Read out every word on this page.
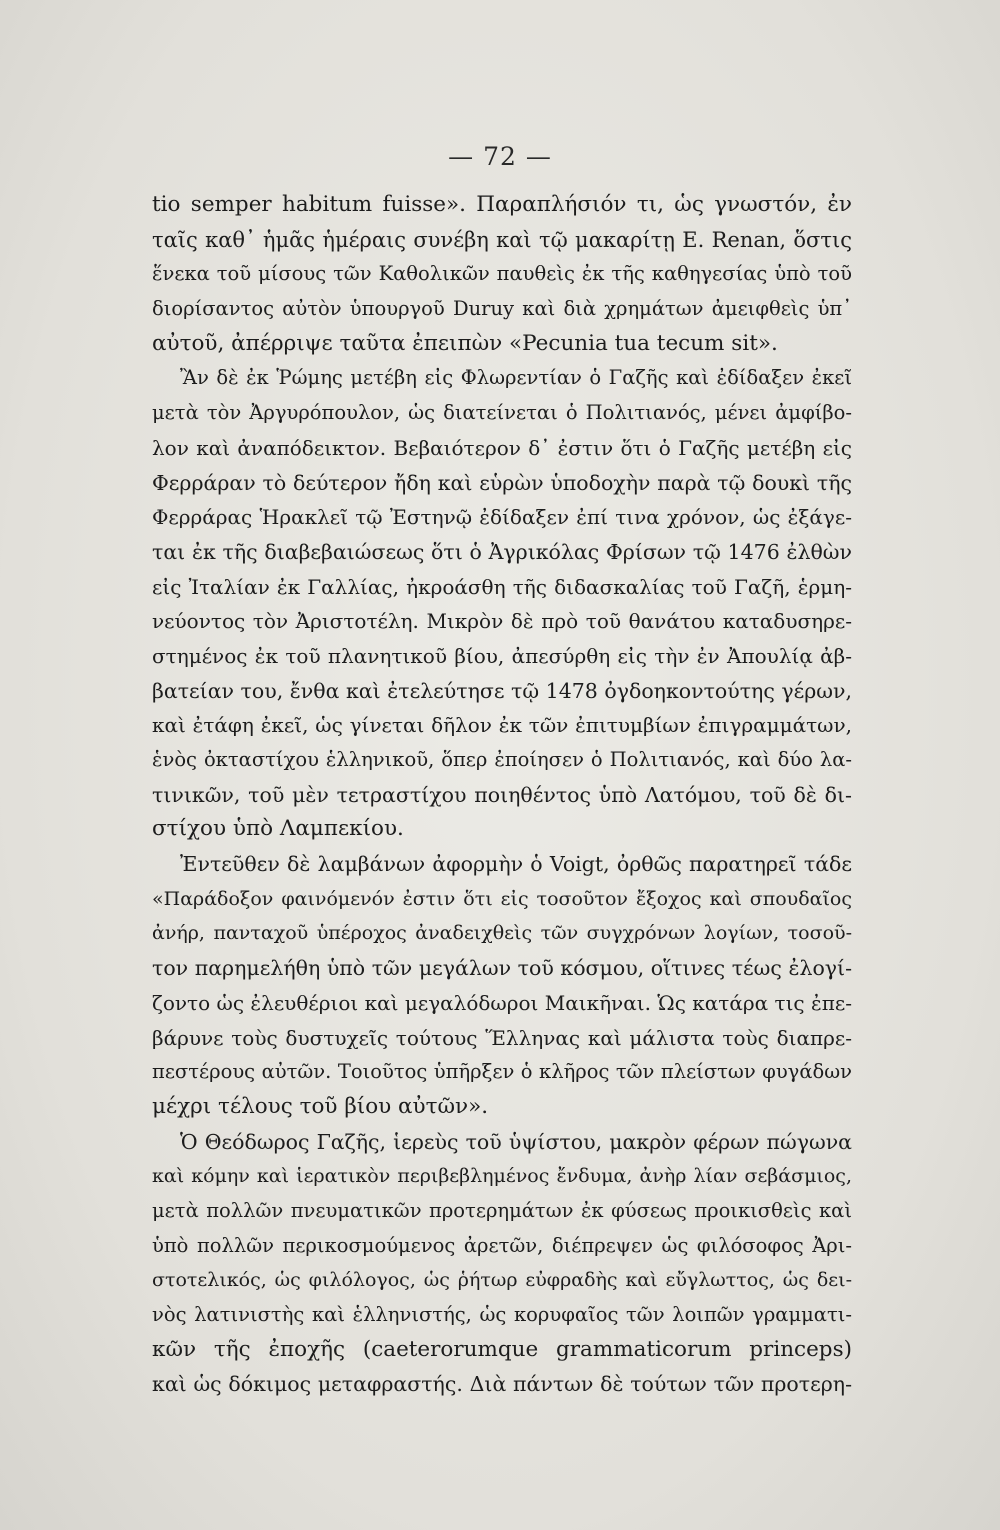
— 72 —
tio semper habitum fuisse». Παραπλήσιόν τι, ὡς γνωστόν, ἐν
ταῖς καθ᾽ ἡμᾶς ἡμέραις συνέβη καὶ τῷ μακαρίτῃ E. Renan, ὅστις
ἕνεκα τοῦ μίσους τῶν Καθολικῶν παυθεὶς ἐκ τῆς καθηγεσίας ὑπὸ τοῦ
διορίσαντος αὐτὸν ὑπουργοῦ Duruy καὶ διὰ χρημάτων ἀμειφθεὶς ὑπ᾽
αὐτοῦ, ἀπέρριψε ταῦτα ἐπειπὼν «Pecunia tua tecum sit».
Ἂν δὲ ἐκ Ῥώμης μετέβη εἰς Φλωρεντίαν ὁ Γαζῆς καὶ ἐδίδαξεν ἐκεῖ
μετὰ τὸν Ἀργυρόπουλον, ὡς διατείνεται ὁ Πολιτιανός, μένει ἀμφίβο-
λον καὶ ἀναπόδεικτον. Βεβαιότερον δ᾽ ἐστιν ὅτι ὁ Γαζῆς μετέβη εἰς
Φερράραν τὸ δεύτερον ἤδη καὶ εὑρὼν ὑποδοχὴν παρὰ τῷ δουκὶ τῆς
Φερράρας Ἡρακλεῖ τῷ Ἐστηνῷ ἐδίδαξεν ἐπί τινα χρόνον, ὡς ἐξάγε-
ται ἐκ τῆς διαβεβαιώσεως ὅτι ὁ Ἀγρικόλας Φρίσων τῷ 1476 ἐλθὼν
εἰς Ἰταλίαν ἐκ Γαλλίας, ἠκροάσθη τῆς διδασκαλίας τοῦ Γαζῆ, ἑρμη-
νεύοντος τὸν Ἀριστοτέλη. Μικρὸν δὲ πρὸ τοῦ θανάτου καταδυσηρε-
στημένος ἐκ τοῦ πλανητικοῦ βίου, ἀπεσύρθη εἰς τὴν ἐν Ἀπουλίᾳ ἀβ-
βατείαν του, ἔνθα καὶ ἐτελεύτησε τῷ 1478 ὀγδοηκοντούτης γέρων,
καὶ ἐτάφη ἐκεῖ, ὡς γίνεται δῆλον ἐκ τῶν ἐπιτυμβίων ἐπιγραμμάτων,
ἑνὸς ὀκταστίχου ἑλληνικοῦ, ὅπερ ἐποίησεν ὁ Πολιτιανός, καὶ δύο λα-
τινικῶν, τοῦ μὲν τετραστίχου ποιηθέντος ὑπὸ Λατόμου, τοῦ δὲ δι-
στίχου ὑπὸ Λαμπεκίου.
Ἐντεῦθεν δὲ λαμβάνων ἀφορμὴν ὁ Voigt, ὀρθῶς παρατηρεῖ τάδε
«Παράδοξον φαινόμενόν ἐστιν ὅτι εἰς τοσοῦτον ἔξοχος καὶ σπουδαῖος
ἀνήρ, πανταχοῦ ὑπέροχος ἀναδειχθεὶς τῶν συγχρόνων λογίων, τοσοῦ-
τον παρημελήθη ὑπὸ τῶν μεγάλων τοῦ κόσμου, οἵτινες τέως ἐλογί-
ζοντο ὡς ἐλευθέριοι καὶ μεγαλόδωροι Μαικῆναι. Ὡς κατάρα τις ἐπε-
βάρυνε τοὺς δυστυχεῖς τούτους Ἕλληνας καὶ μάλιστα τοὺς διαπρε-
πεστέρους αὐτῶν. Τοιοῦτος ὑπῆρξεν ὁ κλῆρος τῶν πλείστων φυγάδων
μέχρι τέλους τοῦ βίου αὐτῶν».
Ὁ Θεόδωρος Γαζῆς, ἱερεὺς τοῦ ὑψίστου, μακρὸν φέρων πώγωνα
καὶ κόμην καὶ ἱερατικὸν περιβεβλημένος ἔνδυμα, ἀνὴρ λίαν σεβάσμιος,
μετὰ πολλῶν πνευματικῶν προτερημάτων ἐκ φύσεως προικισθεὶς καὶ
ὑπὸ πολλῶν περικοσμούμενος ἀρετῶν, διέπρεψεν ὡς φιλόσοφος Ἀρι-
στοτελικός, ὡς φιλόλογος, ὡς ῥήτωρ εὐφραδὴς καὶ εὔγλωττος, ὡς δει-
νὸς λατινιστὴς καὶ ἑλληνιστής, ὡς κορυφαῖος τῶν λοιπῶν γραμματι-
κῶν τῆς ἐποχῆς (caeterorumque grammaticorum princeps)
καὶ ὡς δόκιμος μεταφραστής. Διὰ πάντων δὲ τούτων τῶν προτερη-
